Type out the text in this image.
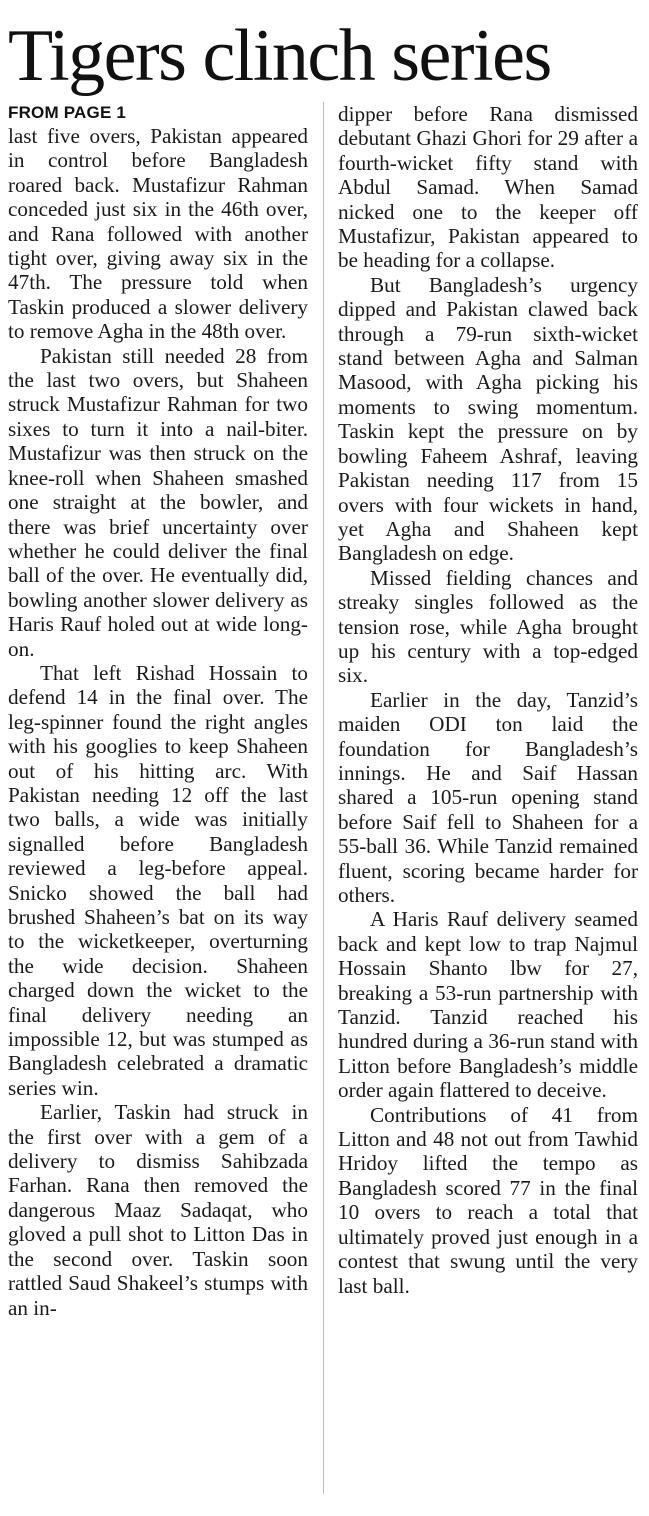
Tigers clinch series
FROM PAGE 1

last five overs, Pakistan appeared in control before Bangladesh roared back. Mustafizur Rahman conceded just six in the 46th over, and Rana followed with another tight over, giving away six in the 47th. The pressure told when Taskin produced a slower delivery to remove Agha in the 48th over.

Pakistan still needed 28 from the last two overs, but Shaheen struck Mustafizur Rahman for two sixes to turn it into a nail-biter. Mustafizur was then struck on the knee-roll when Shaheen smashed one straight at the bowler, and there was brief uncertainty over whether he could deliver the final ball of the over. He eventually did, bowling another slower delivery as Haris Rauf holed out at wide long-on.

That left Rishad Hossain to defend 14 in the final over. The leg-spinner found the right angles with his googlies to keep Shaheen out of his hitting arc. With Pakistan needing 12 off the last two balls, a wide was initially signalled before Bangladesh reviewed a leg-before appeal. Snicko showed the ball had brushed Shaheen’s bat on its way to the wicketkeeper, overturning the wide decision. Shaheen charged down the wicket to the final delivery needing an impossible 12, but was stumped as Bangladesh celebrated a dramatic series win.

Earlier, Taskin had struck in the first over with a gem of a delivery to dismiss Sahibzada Farhan. Rana then removed the dangerous Maaz Sadaqat, who gloved a pull shot to Litton Das in the second over. Taskin soon rattled Saud Shakeel’s stumps with an in-

dipper before Rana dismissed debutant Ghazi Ghori for 29 after a fourth-wicket fifty stand with Abdul Samad. When Samad nicked one to the keeper off Mustafizur, Pakistan appeared to be heading for a collapse.

But Bangladesh’s urgency dipped and Pakistan clawed back through a 79-run sixth-wicket stand between Agha and Salman Masood, with Agha picking his moments to swing momentum. Taskin kept the pressure on by bowling Faheem Ashraf, leaving Pakistan needing 117 from 15 overs with four wickets in hand, yet Agha and Shaheen kept Bangladesh on edge.

Missed fielding chances and streaky singles followed as the tension rose, while Agha brought up his century with a top-edged six.

Earlier in the day, Tanzid’s maiden ODI ton laid the foundation for Bangladesh’s innings. He and Saif Hassan shared a 105-run opening stand before Saif fell to Shaheen for a 55-ball 36. While Tanzid remained fluent, scoring became harder for others.

A Haris Rauf delivery seamed back and kept low to trap Najmul Hossain Shanto lbw for 27, breaking a 53-run partnership with Tanzid. Tanzid reached his hundred during a 36-run stand with Litton before Bangladesh’s middle order again flattered to deceive.

Contributions of 41 from Litton and 48 not out from Tawhid Hridoy lifted the tempo as Bangladesh scored 77 in the final 10 overs to reach a total that ultimately proved just enough in a contest that swung until the very last ball.
